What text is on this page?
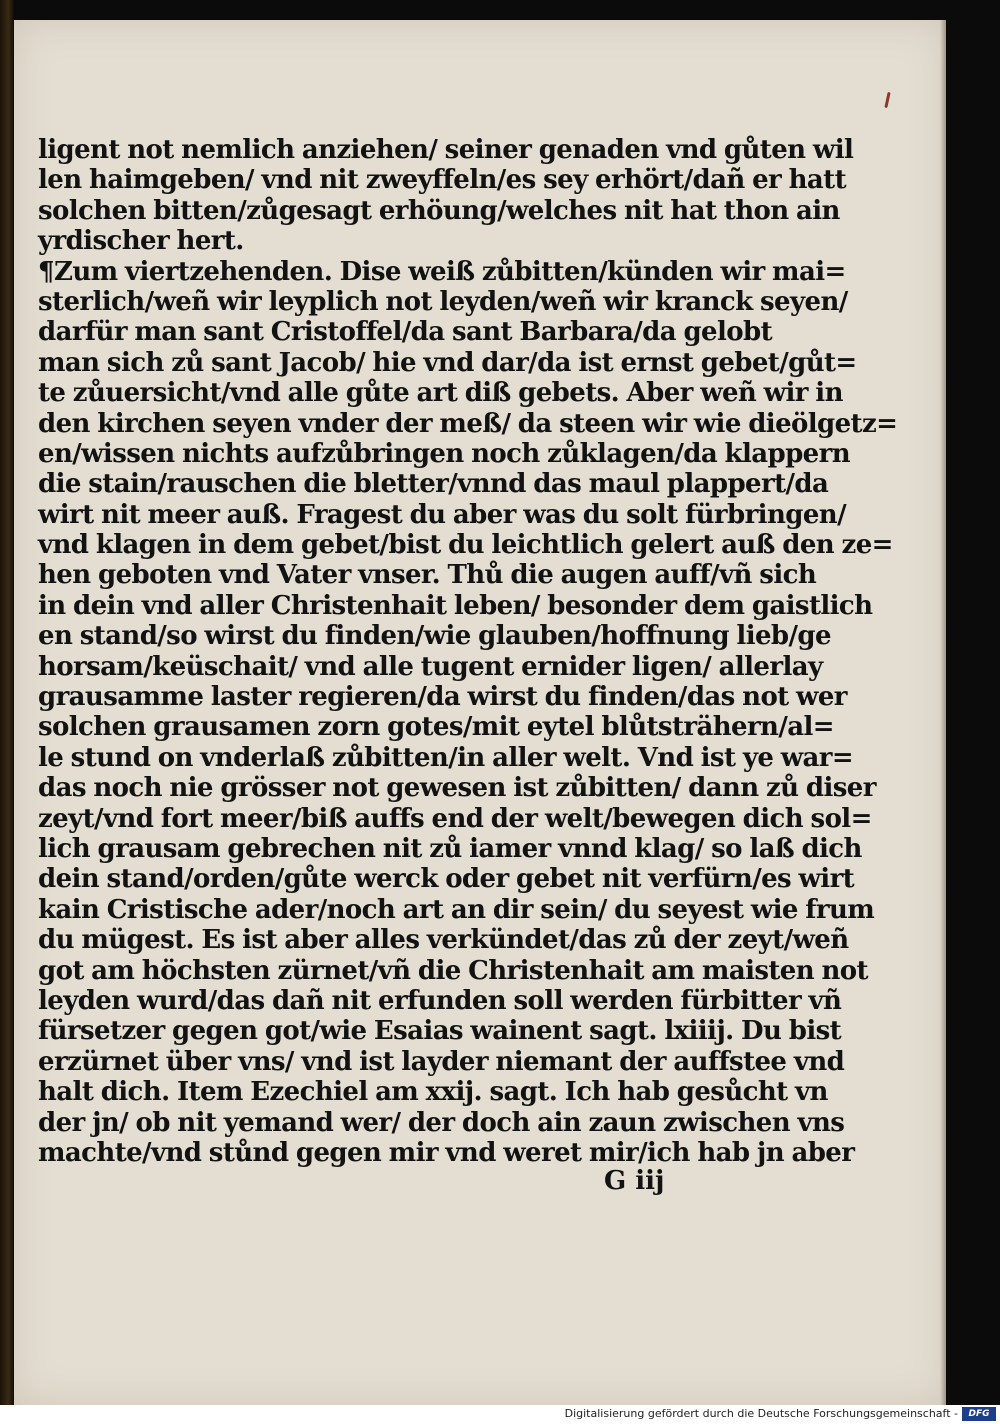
ligent not nemlich anziehen/ seiner genaden vnd gůten wil
len haimgeben/ vnd nit zweyffeln/es sey erhört/dañ er hatt
solchen bitten/zůgesagt erhöung/welches nit hat thon ain
yrdischer hert.
¶Zum viertzehenden. Dise weiß zůbitten/künden wir mai=
sterlich/weñ wir leyplich not leyden/weñ wir kranck seyen/
darfür man sant Cristoffel/da sant Barbara/da gelobt
man sich zů sant Jacob/ hie vnd dar/da ist ernst gebet/gůt=
te zůuersicht/vnd alle gůte art diß gebets. Aber weñ wir in
den kirchen seyen vnder der meß/ da steen wir wie dieölgetz=
en/wissen nichts aufzůbringen noch zůklagen/da klappern
die stain/rauschen die bletter/vnnd das maul plappert/da
wirt nit meer auß. Fragest du aber was du solt fürbringen/
vnd klagen in dem gebet/bist du leichtlich gelert auß den ze=
hen geboten vnd Vater vnser. Thů die augen auff/vñ sich
in dein vnd aller Christenhait leben/ besonder dem gaistlich
en stand/so wirst du finden/wie glauben/hoffnung lieb/ge
horsam/keüschait/ vnd alle tugent ernider ligen/ allerlay
grausamme laster regieren/da wirst du finden/das not wer
solchen grausamen zorn gotes/mit eytel blůtsträhern/al=
le stund on vnderlaß zůbitten/in aller welt. Vnd ist ye war=
das noch nie grösser not gewesen ist zůbitten/ dann zů diser
zeyt/vnd fort meer/biß auffs end der welt/bewegen dich sol=
lich grausam gebrechen nit zů iamer vnnd klag/ so laß dich
dein stand/orden/gůte werck oder gebet nit verfürn/es wirt
kain Cristische ader/noch art an dir sein/ du seyest wie frum
du mügest. Es ist aber alles verkündet/das zů der zeyt/weñ
got am höchsten zürnet/vñ die Christenhait am maisten not
leyden wurd/das dañ nit erfunden soll werden fürbitter vñ
fürsetzer gegen got/wie Esaias wainent sagt. lxiiij. Du bist
erzürnet über vns/ vnd ist layder niemant der auffstee vnd
halt dich. Item Ezechiel am xxij. sagt. Ich hab gesůcht vn
der jn/ ob nit yemand wer/ der doch ain zaun zwischen vns
machte/vnd stůnd gegen mir vnd weret mir/ich hab jn aber
G iij
Digitalisierung gefördert durch die Deutsche Forschungsgemeinschaft -	DFG
